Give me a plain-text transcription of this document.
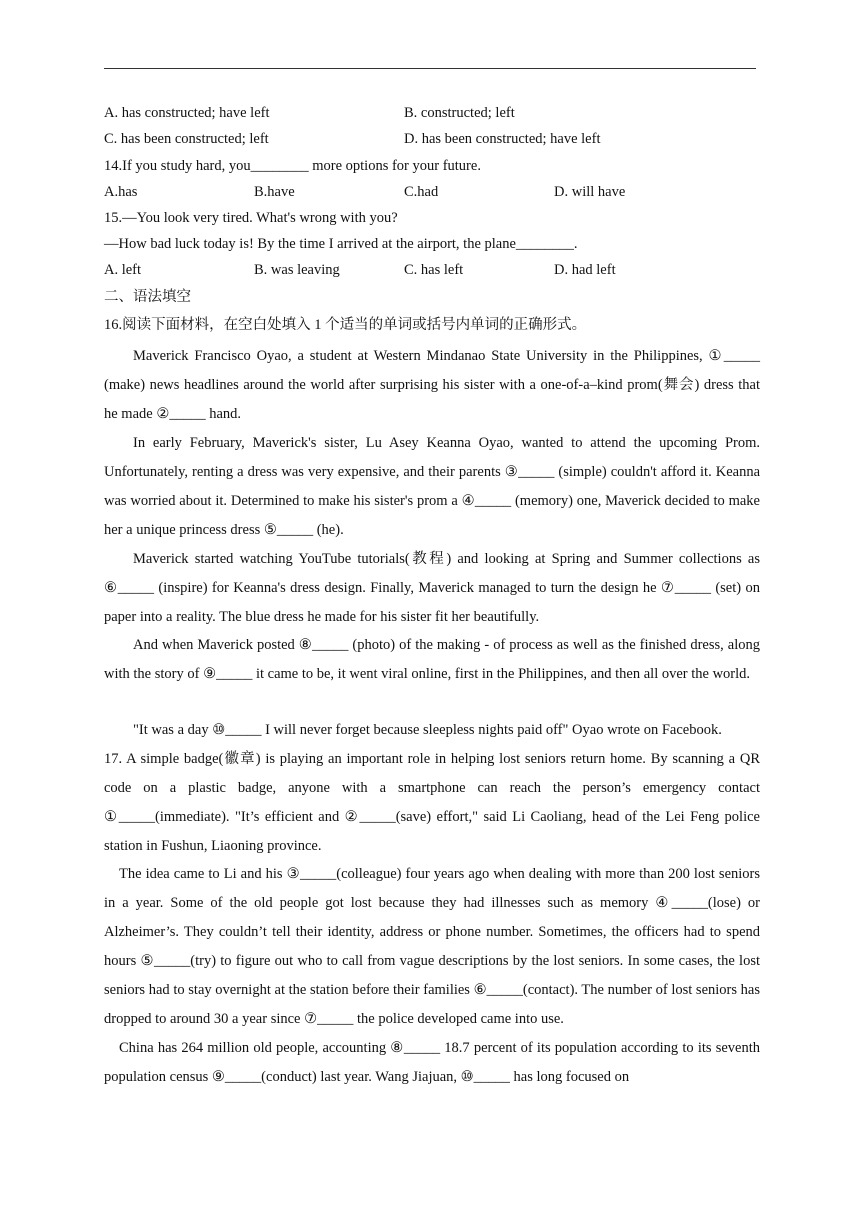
A. has constructed; have left	B. constructed; left
C. has been constructed; left	D. has been constructed; have left
14.If you study hard, you________ more options for your future.
A.has	B.have	C.had	D. will have
15.—You look very tired. What's wrong with you?
—How bad luck today is! By the time I arrived at the airport, the plane________.
A. left	B. was leaving	C. has left	D. had left
二、语法填空
16.阅读下面材料，在空白处填入 1 个适当的单词或括号内单词的正确形式。
Maverick Francisco Oyao, a student at Western Mindanao State University in the Philippines, ①_____ (make) news headlines around the world after surprising his sister with a one-of-a–kind prom(舞会) dress that he made ②_____ hand.
In early February, Maverick's sister, Lu Asey Keanna Oyao, wanted to attend the upcoming Prom. Unfortunately, renting a dress was very expensive, and their parents ③_____ (simple) couldn't afford it. Keanna was worried about it. Determined to make his sister's prom a ④_____ (memory) one, Maverick decided to make her a unique princess dress ⑤_____ (he).
Maverick started watching YouTube tutorials(教程) and looking at Spring and Summer collections as ⑥_____ (inspire) for Keanna's dress design. Finally, Maverick managed to turn the design he ⑦_____ (set) on paper into a reality. The blue dress he made for his sister fit her beautifully.
And when Maverick posted ⑧_____ (photo) of the making - of process as well as the finished dress, along with the story of ⑨_____ it came to be, it went viral online, first in the Philippines, and then all over the world.
"It was a day ⑩_____ I will never forget because sleepless nights paid off" Oyao wrote on Facebook.
17. A simple badge(徽章) is playing an important role in helping lost seniors return home. By scanning a QR code on a plastic badge, anyone with a smartphone can reach the person’s emergency contact ①_____(immediate). "It’s efficient and ②_____(save) effort," said Li Caoliang, head of the Lei Feng police station in Fushun, Liaoning province.
The idea came to Li and his ③_____(colleague) four years ago when dealing with more than 200 lost seniors in a year. Some of the old people got lost because they had illnesses such as memory ④_____(lose) or Alzheimer’s. They couldn’t tell their identity, address or phone number. Sometimes, the officers had to spend hours ⑤_____(try) to figure out who to call from vague descriptions by the lost seniors. In some cases, the lost seniors had to stay overnight at the station before their families ⑥_____(contact). The number of lost seniors has dropped to around 30 a year since ⑦_____ the police developed came into use.
China has 264 million old people, accounting ⑧_____ 18.7 percent of its population according to its seventh population census ⑨_____(conduct) last year. Wang Jiajuan, ⑩_____ has long focused on
